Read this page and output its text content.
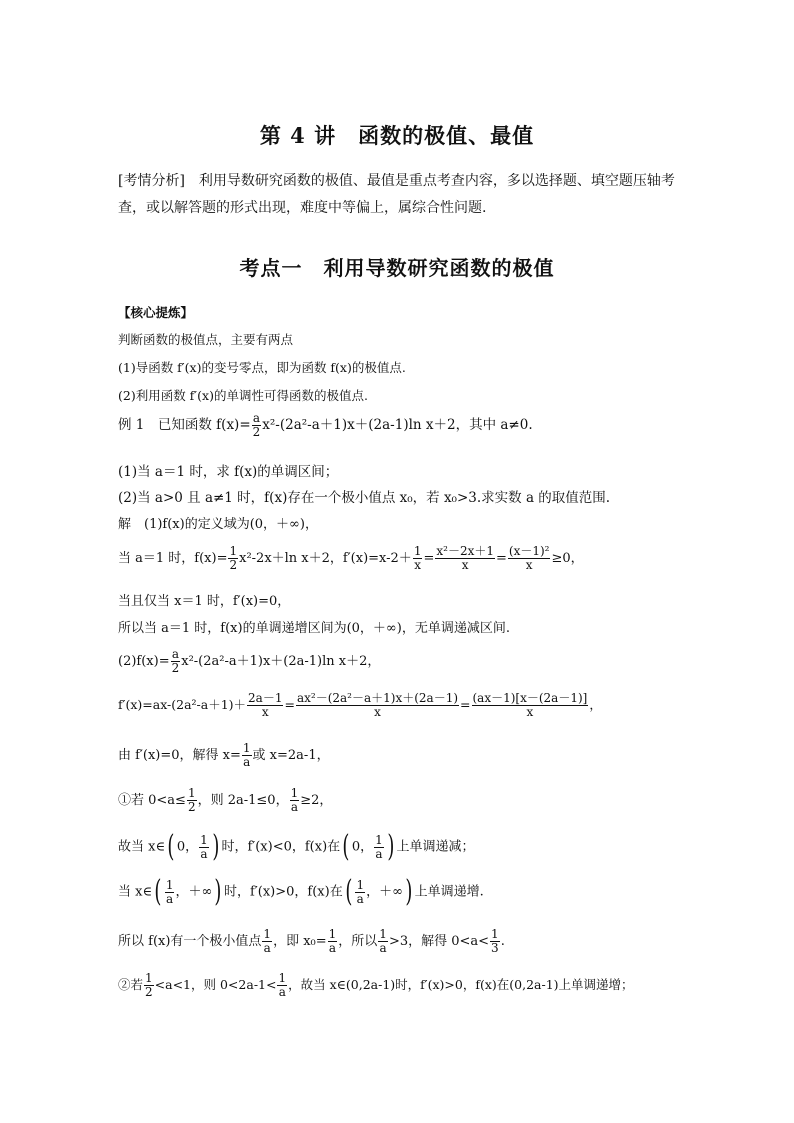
第 4 讲　函数的极值、最值
[考情分析]　利用导数研究函数的极值、最值是重点考查内容，多以选择题、填空题压轴考查，或以解答题的形式出现，难度中等偏上，属综合性问题.
考点一　利用导数研究函数的极值
【核心提炼】
判断函数的极值点，主要有两点
(1)导函数 f′(x)的变号零点，即为函数 f(x)的极值点.
(2)利用函数 f′(x)的单调性可得函数的极值点.
例 1　已知函数 $f(x)= \frac{a}{2} x^2-(2a^2-a+1)x+(2a-1)\ln$ x＋2，其中 a≠0.
(1)当 a＝1 时，求 f(x)的单调区间；
(2)当 a>0 且 a≠1 时，f(x)存在一个极小值点 x₀，若 x₀>3.求实数 a 的取值范围.
解　(1)f(x)的定义域为(0，＋∞)，
当 a＝1 时，$f(x)= \frac{1}{2} x^2-2x+\ln$ x＋2，$f'(x)=x-2+ \frac{1}{x} = \frac{\text{x²－2x＋1}}{x} = \frac{\text{(x－1)²}}{x} \ge 0$，
当且仅当 x＝1 时，f′(x)=0，
所以当 a＝1 时，f(x)的单调递增区间为(0，＋∞)，无单调递减区间.
$(2)f(x)= \frac{a}{2} x^2-(2a^2-a+1)x+(2a-1)\ln$ x＋2，
$f'(x)=ax-(2a^2-a+1)+ \frac{2a-1}{x} = \frac{\text{ax²－(2a²－a＋1)x＋(2a－1)}}{x} = \frac{(ax-1)[x-(2a-1)]}{x}$ ，
由 f′(x)=0，解得 $x= \frac{1}{a}$ 或 x=2a-1，
①若 $0<a\le \frac{1}{2}$ ，则 2a-1≤0， $\frac{1}{a} \ge 2$，
故当 x∈( 0， $\frac{1}{a}$ ) 时，f′(x)<0，f(x)在( 0， $\frac{1}{a}$ ) 上单调递减；
当 x∈( $\frac{1}{a}$ ，＋∞) 时，f′(x)>0，f(x)在( $\frac{1}{a}$ ，＋∞) 上单调递增.
所以 f(x)有一个极小值点 $\frac{1}{a}$ ，即 $x_0= \frac{1}{a}$ ，所以 $\frac{1}{a} >3$，解得 $0<a< \frac{1}{3}$ .
②若 $\frac{1}{2} <a<1$，则 $0<2a-1< \frac{1}{a}$ ，故当 x∈(0,2a-1)时，f′(x)>0，f(x)在(0,2a-1)上单调递增；
